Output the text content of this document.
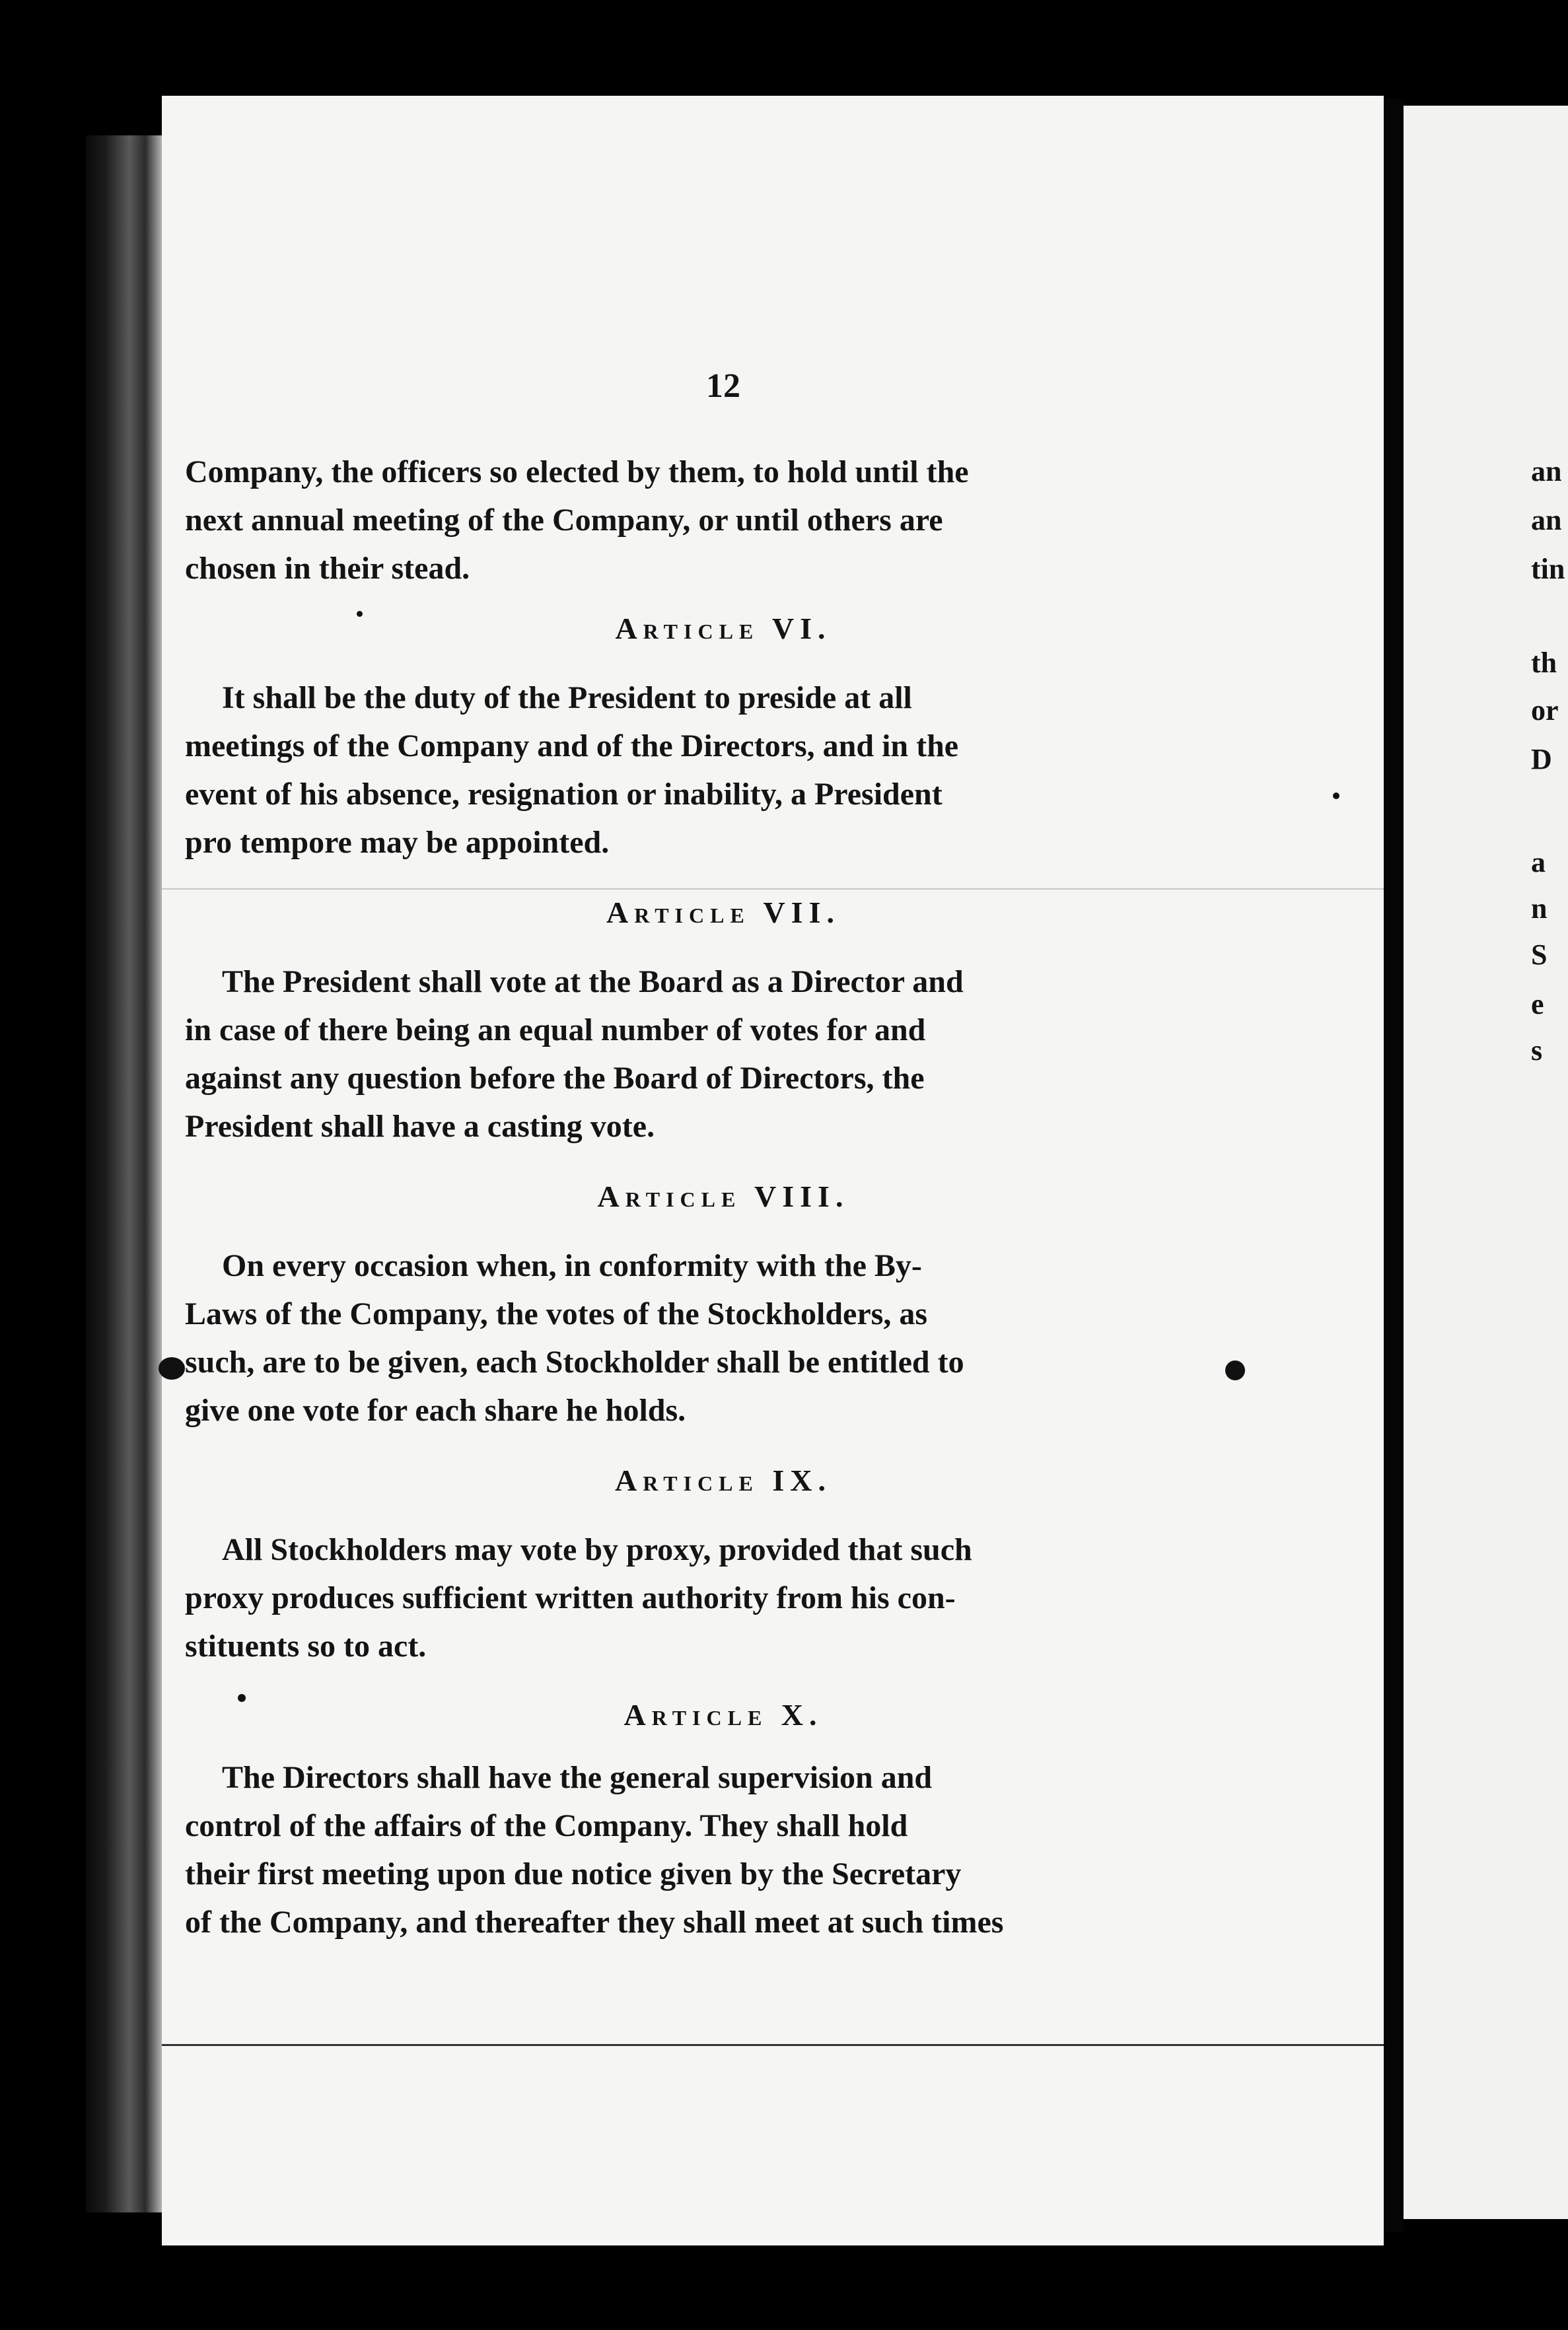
12

Company, the officers so elected by them, to hold until the

next annual meeting of the Company, or until others are

chosen in their stead.

Article VI.

It shall be the duty of the President to preside at all

meetings of the Company and of the Directors, and in the

event of his absence, resignation or inability, a President

pro tempore may be appointed.

Article VII.

The President shall vote at the Board as a Director and

in case of there being an equal number of votes for and

against any question before the Board of Directors, the

President shall have a casting vote.

Article VIII.

On every occasion when, in conformity with the By-

Laws of the Company, the votes of the Stockholders, as

such, are to be given, each Stockholder shall be entitled to

give one vote for each share he holds.

Article IX.

All Stockholders may vote by proxy, provided that such

proxy produces sufficient written authority from his con-

stituents so to act.

Article X.

The Directors shall have the general supervision and

control of the affairs of the Company. They shall hold

their first meeting upon due notice given by the Secretary

of the Company, and thereafter they shall meet at such times

an
an
tin
th
or
D
a
n
S
e
s
